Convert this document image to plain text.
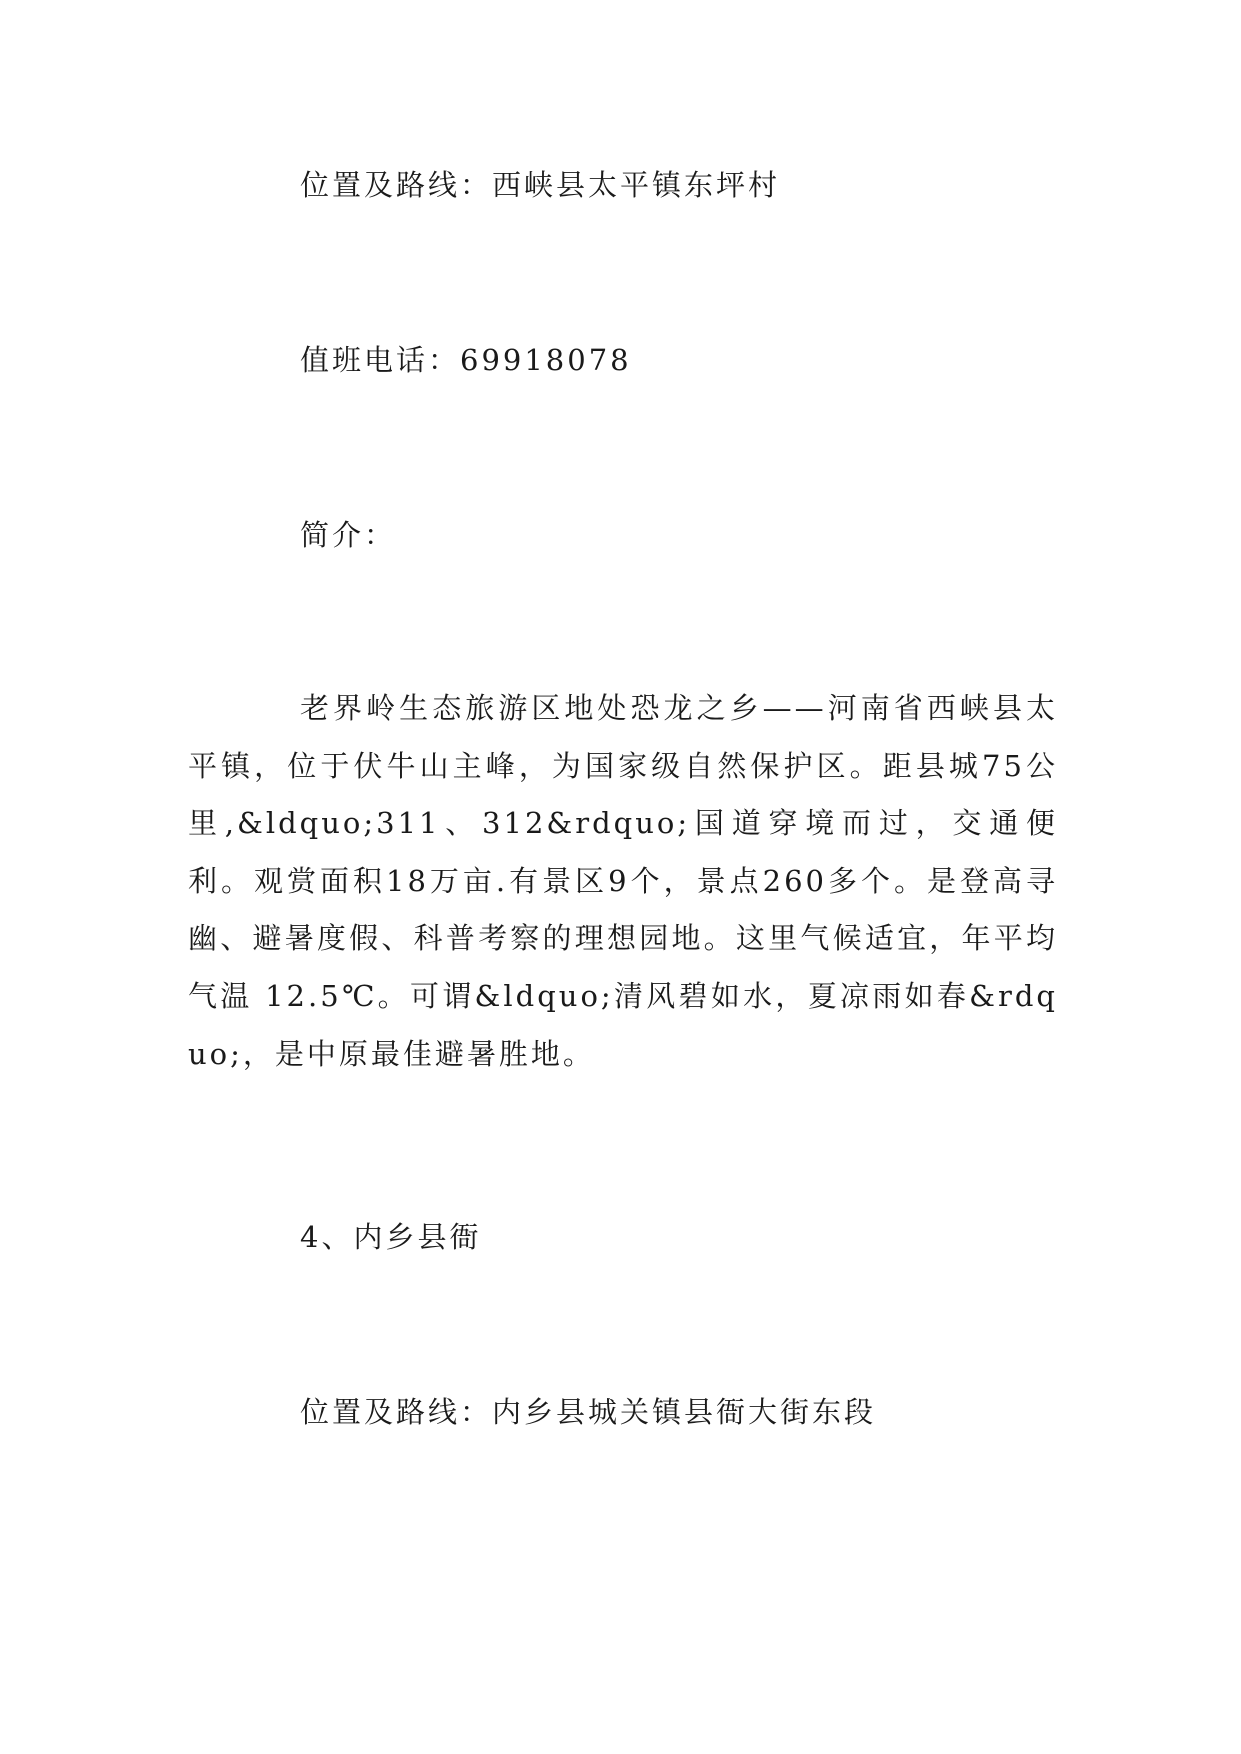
位置及路线：西峡县太平镇东坪村
值班电话：69918078
简介：
老界岭生态旅游区地处恐龙之乡——河南省西峡县太平镇，位于伏牛山主峰，为国家级自然保护区。距县城75公里,&ldquo;311、312&rdquo;国道穿境而过，交通便利。观赏面积18万亩.有景区9个，景点260多个。是登高寻幽、避暑度假、科普考察的理想园地。这里气候适宜，年平均气温 12.5℃。可谓&ldquo;清风碧如水，夏凉雨如春&rdquo;，是中原最佳避暑胜地。
4、内乡县衙
位置及路线：内乡县城关镇县衙大街东段
